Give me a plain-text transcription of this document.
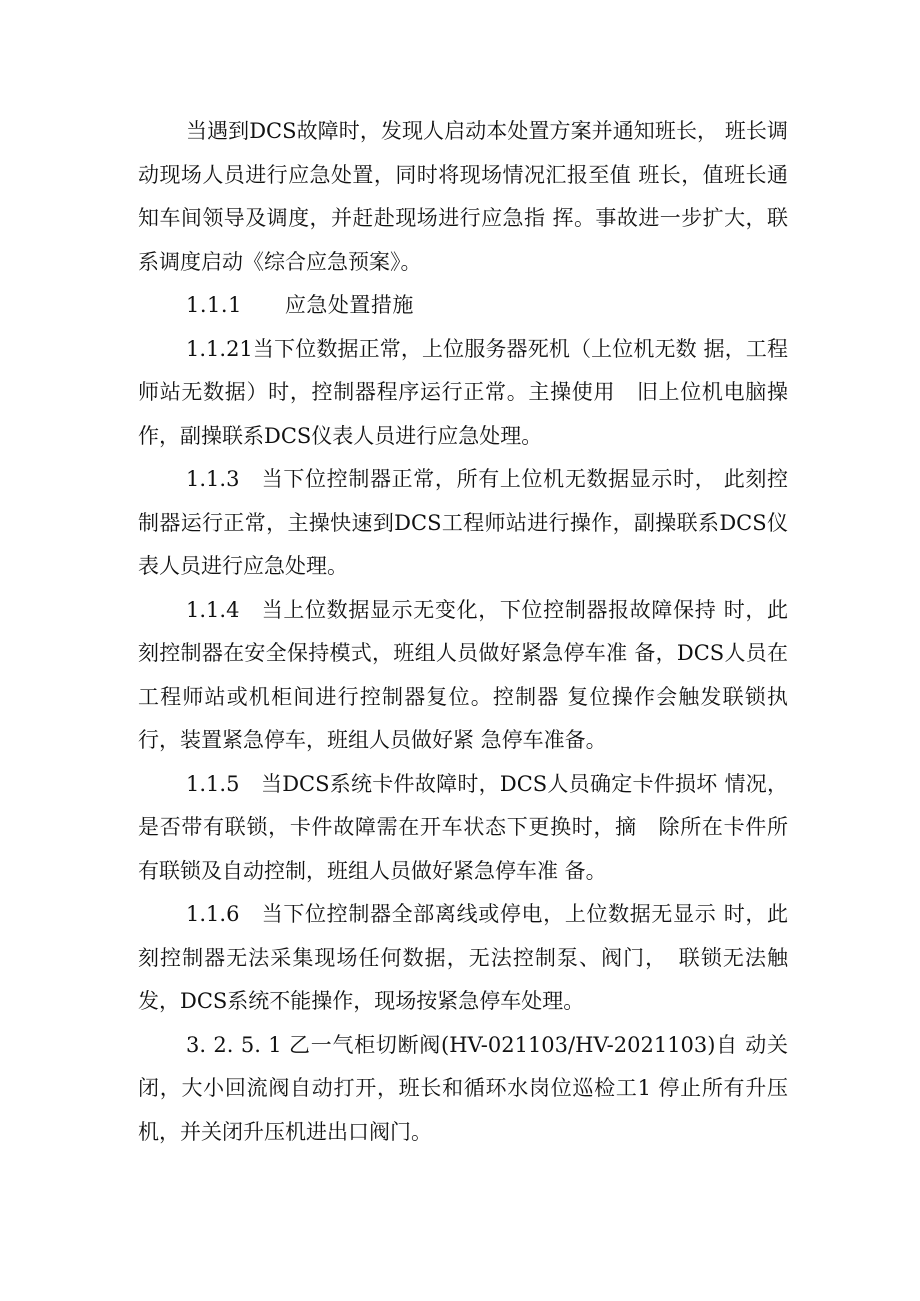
当遇到DCS故障时，发现人启动本处置方案并通知班长， 班长调动现场人员进行应急处置，同时将现场情况汇报至值 班长，值班长通知车间领导及调度，并赶赴现场进行应急指 挥。事故进一步扩大，联系调度启动《综合应急预案》。

1.1.1　　应急处置措施

1.1.21当下位数据正常，上位服务器死机（上位机无数 据，工程师站无数据）时，控制器程序运行正常。主操使用　旧上位机电脑操作，副操联系DCS仪表人员进行应急处理。

1.1.3　当下位控制器正常，所有上位机无数据显示时， 此刻控制器运行正常，主操快速到DCS工程师站进行操作，副操联系DCS仪表人员进行应急处理。

1.1.4　当上位数据显示无变化，下位控制器报故障保持 时，此刻控制器在安全保持模式，班组人员做好紧急停车准 备，DCS人员在工程师站或机柜间进行控制器复位。控制器 复位操作会触发联锁执行，装置紧急停车，班组人员做好紧 急停车准备。

1.1.5　当DCS系统卡件故障时，DCS人员确定卡件损坏 情况，是否带有联锁，卡件故障需在开车状态下更换时，摘　除所在卡件所有联锁及自动控制，班组人员做好紧急停车准 备。

1.1.6　当下位控制器全部离线或停电，上位数据无显示 时，此刻控制器无法采集现场任何数据，无法控制泵、阀门，　联锁无法触发，DCS系统不能操作，现场按紧急停车处理。

3. 2. 5. 1 乙一气柜切断阀(HV-021103/HV-2021103)自 动关闭，大小回流阀自动打开，班长和循环水岗位巡检工1 停止所有升压机，并关闭升压机进出口阀门。
